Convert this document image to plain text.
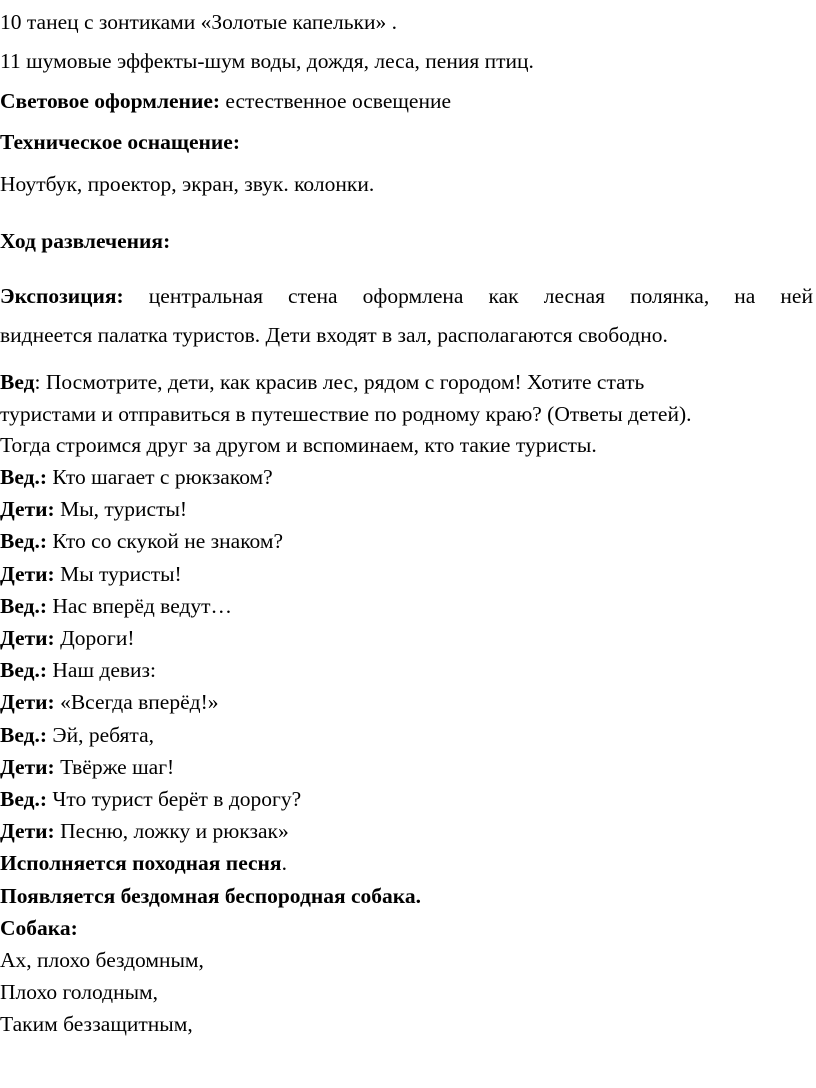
10 танец с зонтиками «Золотые капельки» .
11 шумовые эффекты-шум воды, дождя, леса, пения птиц.
Световое оформление: естественное освещение
Техническое оснащение:
Ноутбук, проектор, экран, звук. колонки.
Ход развлечения:
Экспозиция: центральная стена оформлена как лесная полянка, на ней
виднеется палатка туристов. Дети входят в зал, располагаются свободно.
Вед: Посмотрите, дети, как красив лес, рядом с городом! Хотите стать
туристами и отправиться в путешествие по родному краю? (Ответы детей).
Тогда строимся друг за другом и вспоминаем, кто такие туристы.
Вед.: Кто шагает с рюкзаком?
Дети: Мы, туристы!
Вед.: Кто со скукой не знаком?
Дети: Мы туристы!
Вед.: Нас вперёд ведут…
Дети: Дороги!
Вед.: Наш девиз:
Дети: «Всегда вперёд!»
Вед.: Эй, ребята,
Дети: Твёрже шаг!
Вед.: Что турист берёт в дорогу?
Дети: Песню, ложку и рюкзак»
Исполняется походная песня.
Появляется бездомная беспородная собака.
Собака:
Ах, плохо бездомным,
Плохо голодным,
Таким беззащитным,
